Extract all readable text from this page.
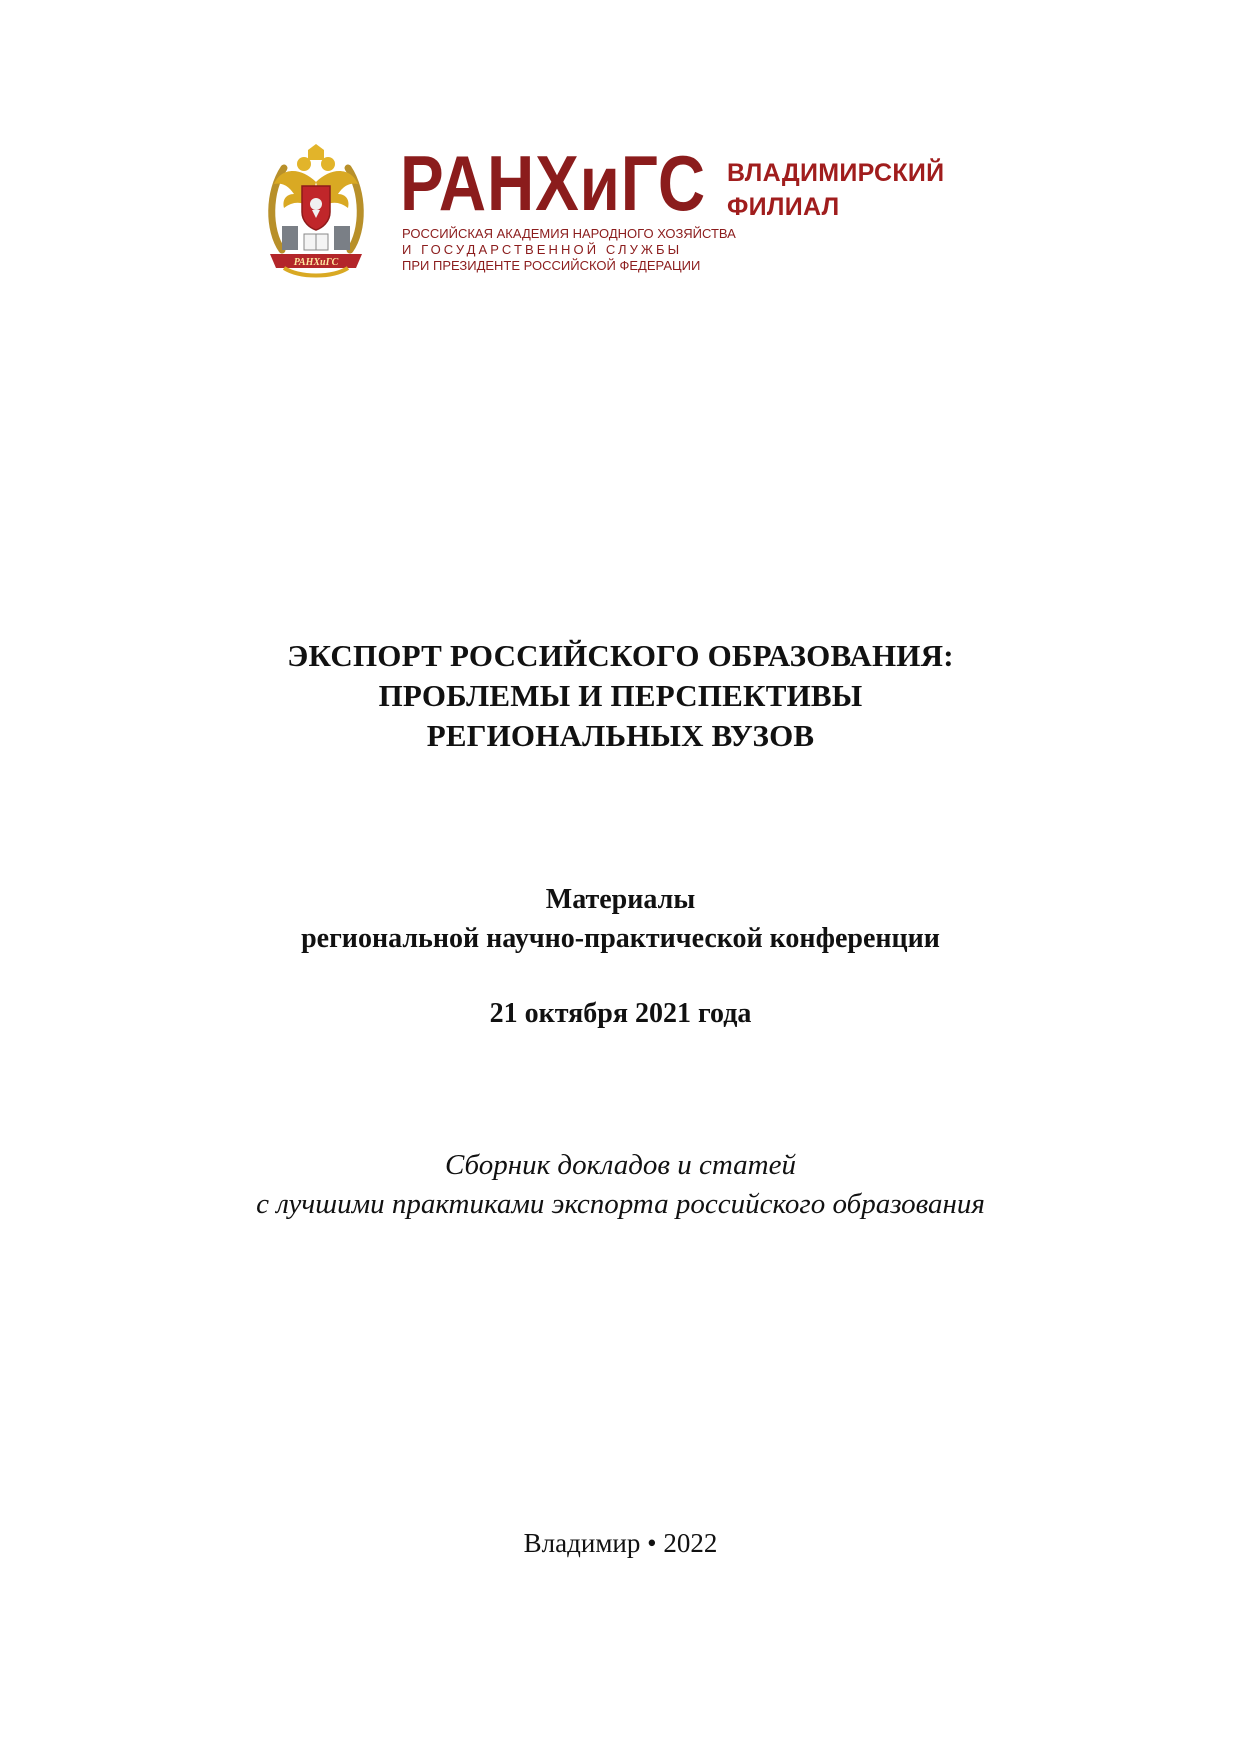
РАНХиГС
РАНХиГС
РОССИЙСКАЯ АКАДЕМИЯ НАРОДНОГО ХОЗЯЙСТВА
И ГОСУДАРСТВЕННОЙ СЛУЖБЫ
ПРИ ПРЕЗИДЕНТЕ РОССИЙСКОЙ ФЕДЕРАЦИИ
ВЛАДИМИРСКИЙ
ФИЛИАЛ
ЭКСПОРТ РОССИЙСКОГО ОБРАЗОВАНИЯ:
ПРОБЛЕМЫ И ПЕРСПЕКТИВЫ
РЕГИОНАЛЬНЫХ ВУЗОВ
Материалы
региональной научно-практической конференции
21 октября 2021 года
Сборник докладов и статей
с лучшими практиками экспорта российского образования
Владимир • 2022
